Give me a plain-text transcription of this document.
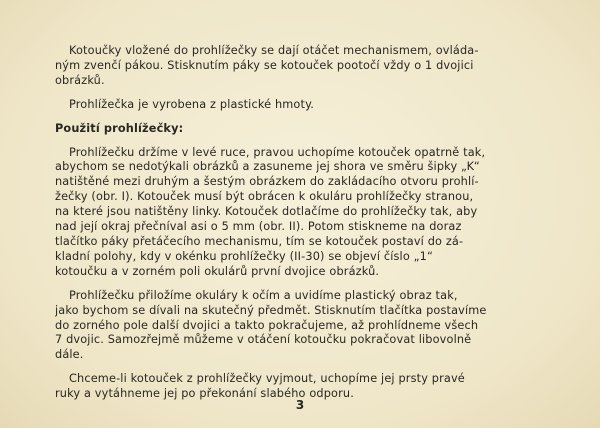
Kotoučky vložené do prohlížečky se dají otáčet mechanismem, ovláda-
ným zvenčí pákou. Stisknutím páky se kotouček pootočí vždy o 1 dvojici
obrázků.

Prohlížečka je vyrobena z plastické hmoty.

Použití prohlížečky:

Prohlížečku držíme v levé ruce, pravou uchopíme kotouček opatrně tak,
abychom se nedotýkali obrázků a zasuneme jej shora ve směru šipky „K“
natištěné mezi druhým a šestým obrázkem do zakládacího otvoru prohlí-
žečky (obr. I). Kotouček musí být obrácen k okuláru prohlížečky stranou,
na které jsou natištěny linky. Kotouček dotlačíme do prohlížečky tak, aby
nad její okraj přečníval asi o 5 mm (obr. II). Potom stiskneme na doraz
tlačítko páky přetáčecího mechanismu, tím se kotouček postaví do zá-
kladní polohy, kdy v okénku prohlížečky (II-30) se objeví číslo „1“
kotoučku a v zorném poli okulárů první dvojice obrázků.

Prohlížečku přiložíme okuláry k očím a uvidíme plastický obraz tak,
jako bychom se dívali na skutečný předmět. Stisknutím tlačítka postavíme
do zorného pole další dvojici a takto pokračujeme, až prohlídneme všech
7 dvojic. Samozřejmě můžeme v otáčení kotoučku pokračovat libovolně
dále.

Chceme-li kotouček z prohlížečky vyjmout, uchopíme jej prsty pravé
ruky a vytáhneme jej po překonání slabého odporu.

3
